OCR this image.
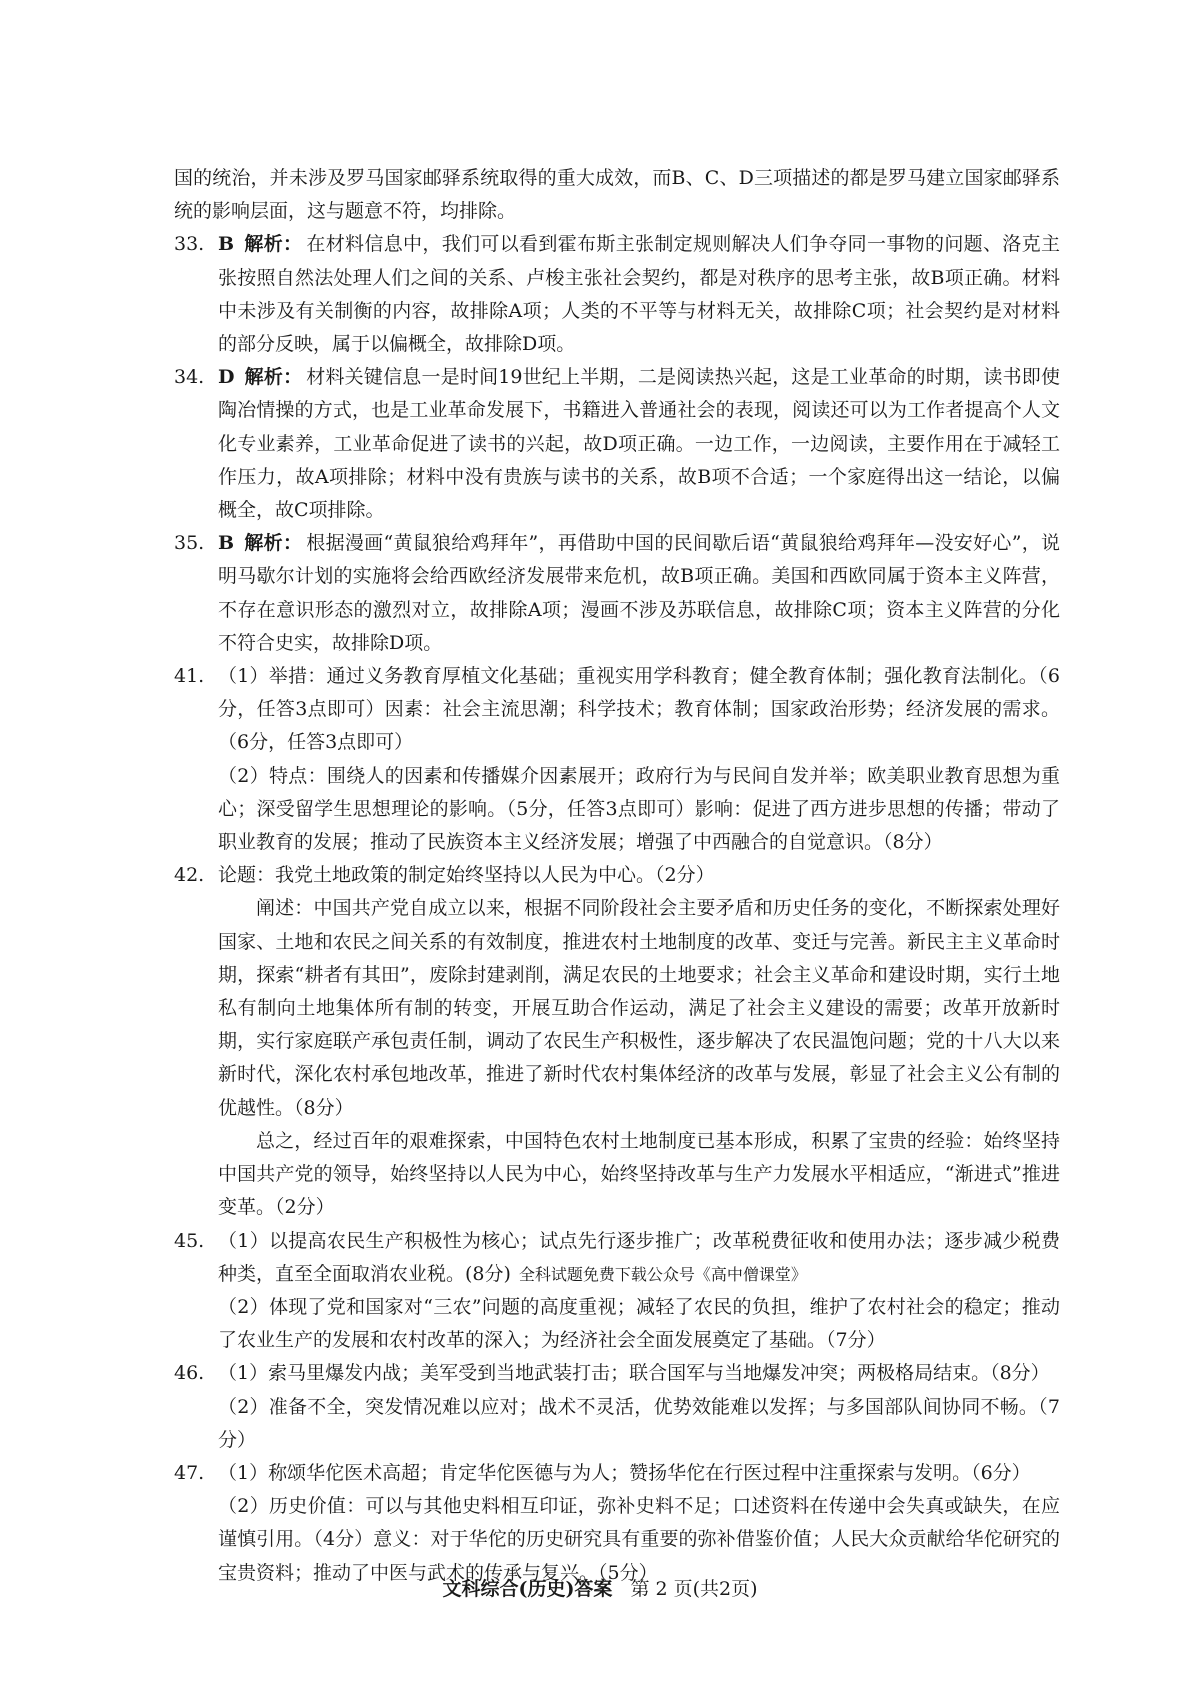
国的统治，并未涉及罗马国家邮驿系统取得的重大成效，而B、C、D三项描述的都是罗马建立国家邮驿系统的影响层面，这与题意不符，均排除。

33. B 解析： 在材料信息中，我们可以看到霍布斯主张制定规则解决人们争夺同一事物的问题、洛克主张按照自然法处理人们之间的关系、卢梭主张社会契约，都是对秩序的思考主张，故B项正确。材料中未涉及有关制衡的内容，故排除A项；人类的不平等与材料无关，故排除C项；社会契约是对材料的部分反映，属于以偏概全，故排除D项。

34. D 解析： 材料关键信息一是时间19世纪上半期，二是阅读热兴起，这是工业革命的时期，读书即使陶冶情操的方式，也是工业革命发展下，书籍进入普通社会的表现，阅读还可以为工作者提高个人文化专业素养，工业革命促进了读书的兴起，故D项正确。一边工作，一边阅读，主要作用在于减轻工作压力，故A项排除；材料中没有贵族与读书的关系，故B项不合适；一个家庭得出这一结论，以偏概全，故C项排除。

35. B 解析： 根据漫画“黄鼠狼给鸡拜年”，再借助中国的民间歇后语“黄鼠狼给鸡拜年—没安好心”，说明马歇尔计划的实施将会给西欧经济发展带来危机，故B项正确。美国和西欧同属于资本主义阵营，不存在意识形态的激烈对立，故排除A项；漫画不涉及苏联信息，故排除C项；资本主义阵营的分化不符合史实，故排除D项。

41. （1）举措：通过义务教育厚植文化基础；重视实用学科教育；健全教育体制；强化教育法制化。（6分，任答3点即可）因素：社会主流思潮；科学技术；教育体制；国家政治形势；经济发展的需求。（6分，任答3点即可）

（2）特点：围绕人的因素和传播媒介因素展开；政府行为与民间自发并举；欧美职业教育思想为重心；深受留学生思想理论的影响。（5分，任答3点即可）影响：促进了西方进步思想的传播；带动了职业教育的发展；推动了民族资本主义经济发展；增强了中西融合的自觉意识。（8分）

42. 论题：我党土地政策的制定始终坚持以人民为中心。（2分）

阐述：中国共产党自成立以来，根据不同阶段社会主要矛盾和历史任务的变化，不断探索处理好国家、土地和农民之间关系的有效制度，推进农村土地制度的改革、变迁与完善。新民主主义革命时期，探索“耕者有其田”，废除封建剥削，满足农民的土地要求；社会主义革命和建设时期，实行土地私有制向土地集体所有制的转变，开展互助合作运动，满足了社会主义建设的需要；改革开放新时期，实行家庭联产承包责任制，调动了农民生产积极性，逐步解决了农民温饱问题；党的十八大以来新时代，深化农村承包地改革，推进了新时代农村集体经济的改革与发展，彰显了社会主义公有制的优越性。（8分）

总之，经过百年的艰难探索，中国特色农村土地制度已基本形成，积累了宝贵的经验：始终坚持中国共产党的领导，始终坚持以人民为中心，始终坚持改革与生产力发展水平相适应，“渐进式”推进变革。（2分）

45. （1）以提高农民生产积极性为核心；试点先行逐步推广；改革税费征收和使用办法；逐步减少税费种类，直至全面取消农业税。(8分) 全科试题免费下载公众号《高中僧课堂》

（2）体现了党和国家对“三农”问题的高度重视；减轻了农民的负担，维护了农村社会的稳定；推动了农业生产的发展和农村改革的深入；为经济社会全面发展奠定了基础。（7分）

46. （1）索马里爆发内战；美军受到当地武装打击；联合国军与当地爆发冲突；两极格局结束。（8分）

（2）准备不全，突发情况难以应对；战术不灵活，优势效能难以发挥；与多国部队间协同不畅。（7分）

47. （1）称颂华佗医术高超；肯定华佗医德与为人；赞扬华佗在行医过程中注重探索与发明。（6分）

（2）历史价值：可以与其他史料相互印证，弥补史料不足；口述资料在传递中会失真或缺失，在应谨慎引用。（4分）意义：对于华佗的历史研究具有重要的弥补借鉴价值；人民大众贡献给华佗研究的宝贵资料；推动了中医与武术的传承与复兴。（5分）

文科综合(历史)答案 第 2 页(共2页)
